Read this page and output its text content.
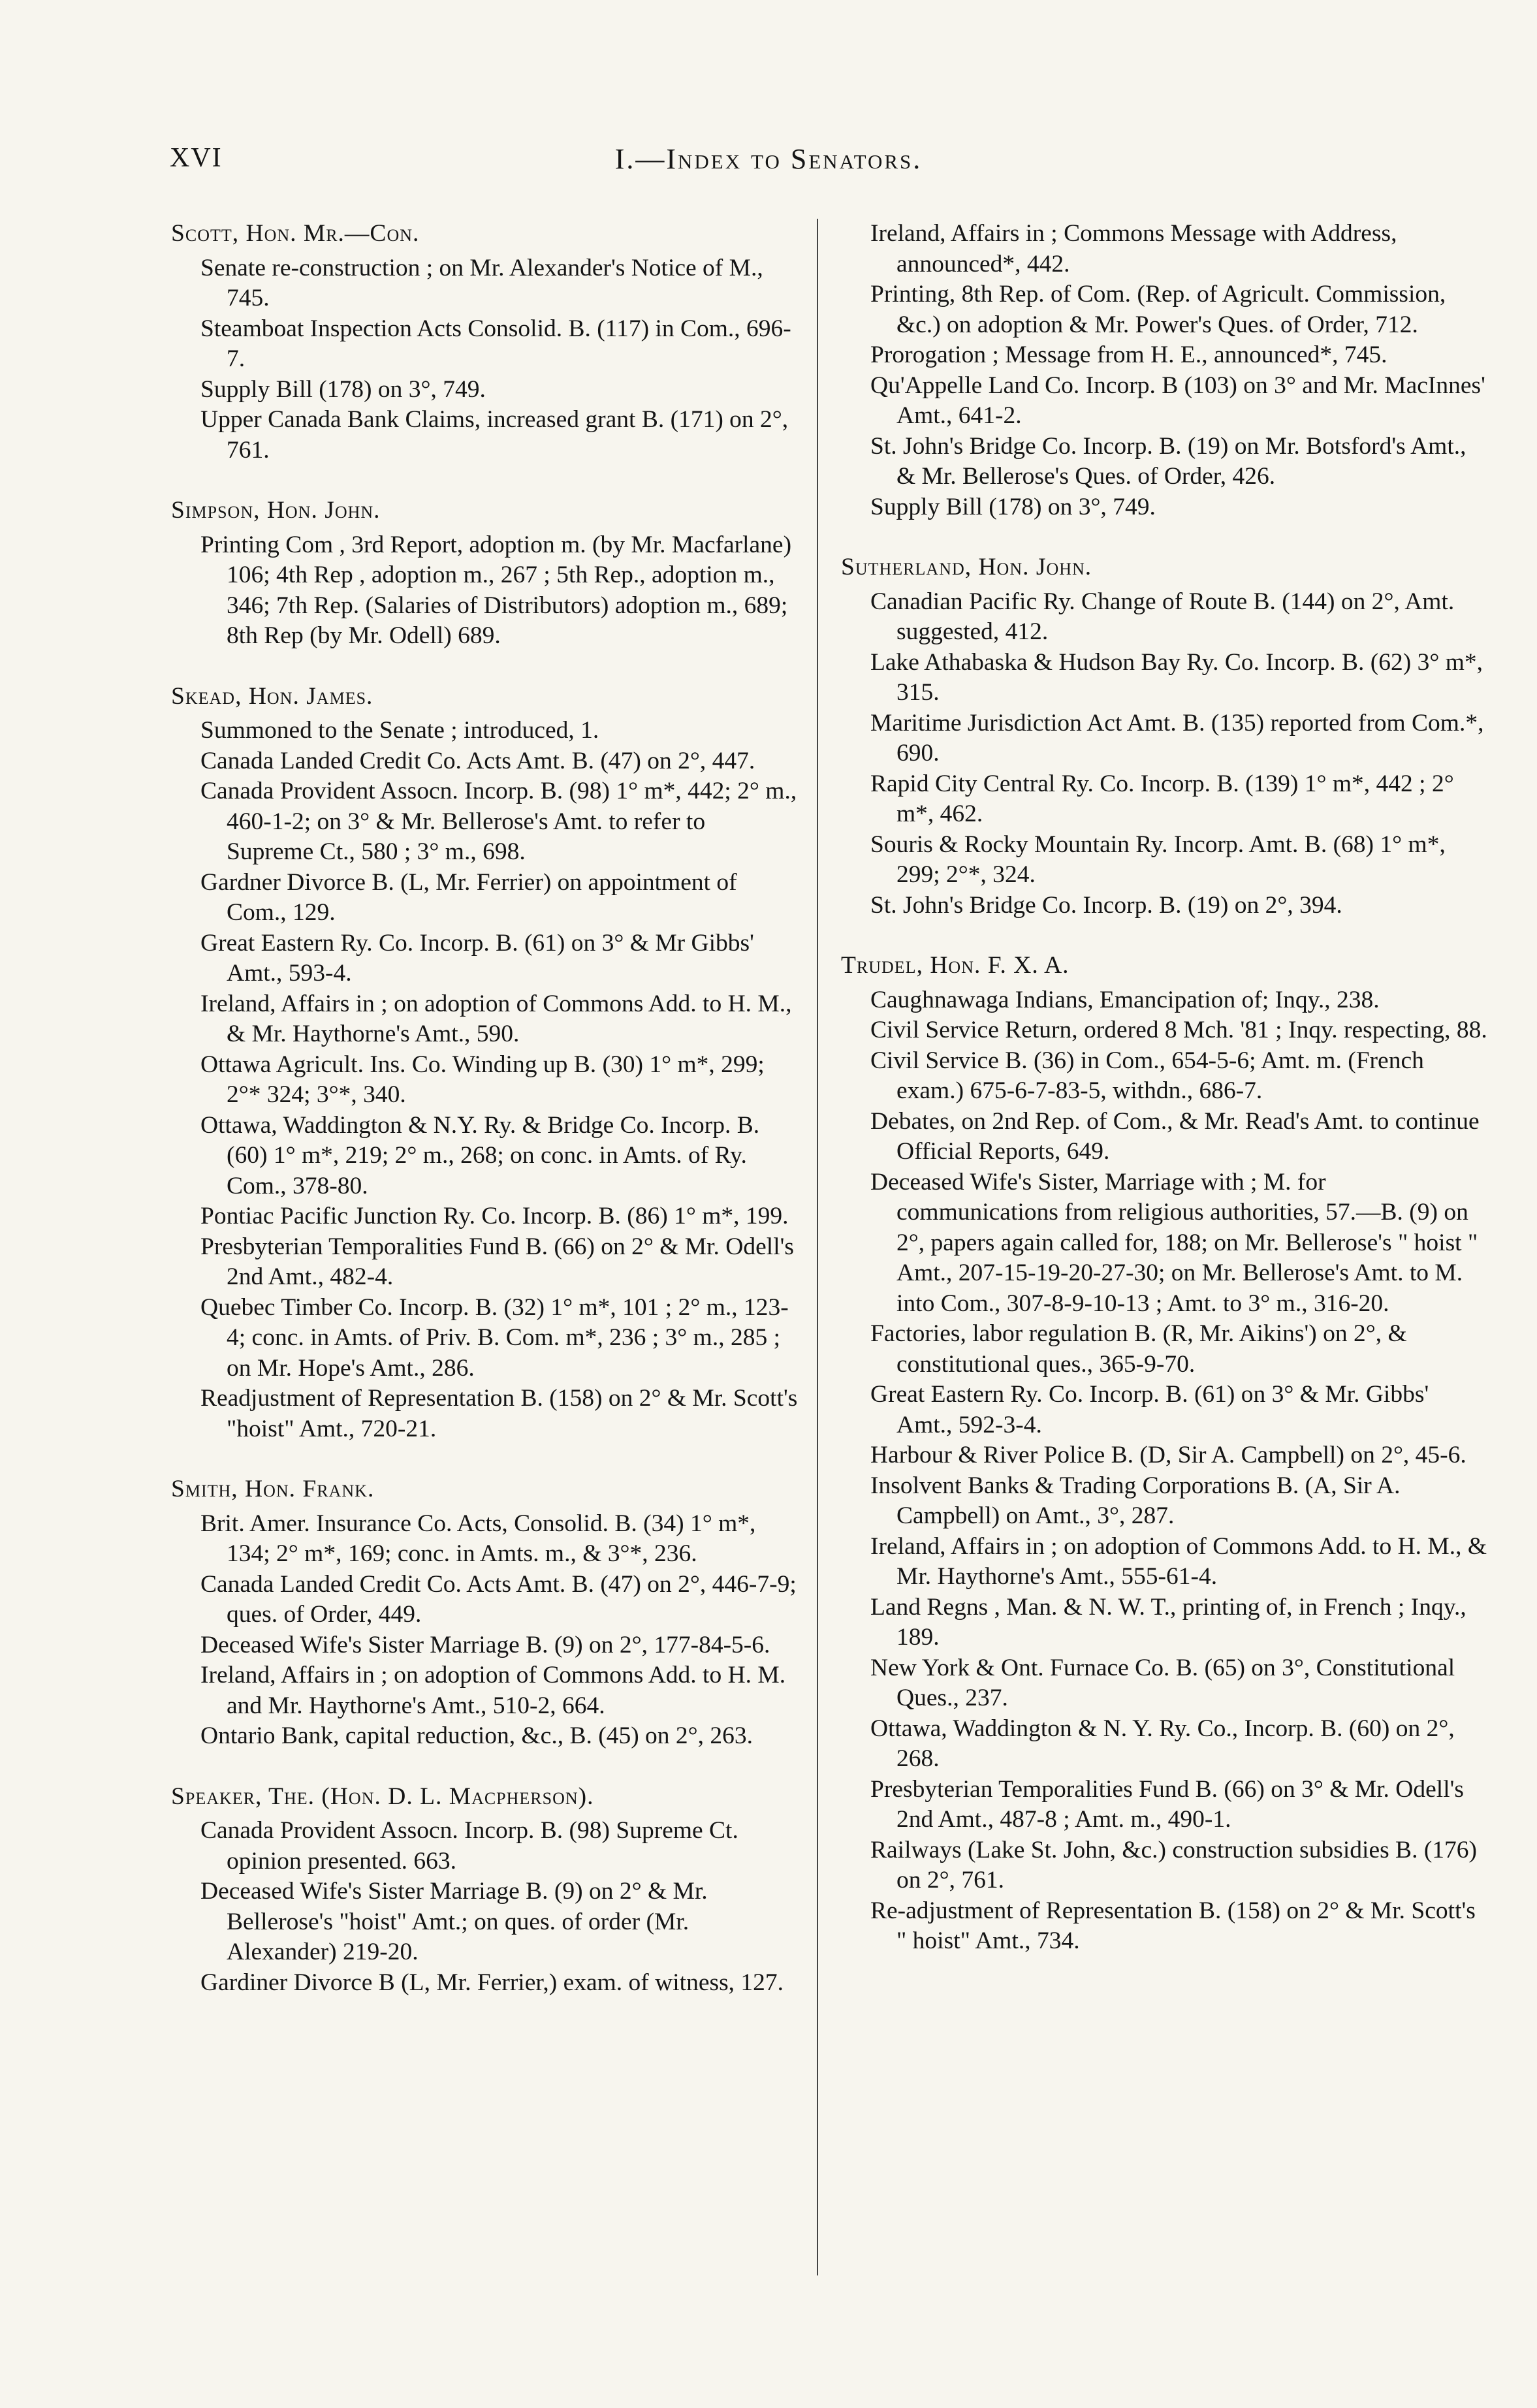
XVI	I.—Index to Senators.
Scott, Hon. Mr.—Con.
Senate re-construction ; on Mr. Alexander's Notice of M., 745.
Steamboat Inspection Acts Consolid. B. (117) in Com., 696-7.
Supply Bill (178) on 3°, 749.
Upper Canada Bank Claims, increased grant B. (171) on 2°, 761.
Simpson, Hon. John.
Printing Com , 3rd Report, adoption m. (by Mr. Macfarlane) 106; 4th Rep , adoption m., 267 ; 5th Rep., adoption m., 346; 7th Rep. (Salaries of Distributors) adoption m., 689; 8th Rep (by Mr. Odell) 689.
Skead, Hon. James.
Summoned to the Senate ; introduced, 1.
Canada Landed Credit Co. Acts Amt. B. (47) on 2°, 447.
Canada Provident Assocn. Incorp. B. (98) 1° m*, 442; 2° m., 460-1-2; on 3° & Mr. Bellerose's Amt. to refer to Supreme Ct., 580 ; 3° m., 698.
Gardner Divorce B. (L, Mr. Ferrier) on appointment of Com., 129.
Great Eastern Ry. Co. Incorp. B. (61) on 3° & Mr Gibbs' Amt., 593-4.
Ireland, Affairs in ; on adoption of Commons Add. to H. M., & Mr. Haythorne's Amt., 590.
Ottawa Agricult. Ins. Co. Winding up B. (30) 1° m*, 299; 2°* 324; 3°*, 340.
Ottawa, Waddington & N.Y. Ry. & Bridge Co. Incorp. B. (60) 1° m*, 219; 2° m., 268; on conc. in Amts. of Ry. Com., 378-80.
Pontiac Pacific Junction Ry. Co. Incorp. B. (86) 1° m*, 199.
Presbyterian Temporalities Fund B. (66) on 2° & Mr. Odell's 2nd Amt., 482-4.
Quebec Timber Co. Incorp. B. (32) 1° m*, 101 ; 2° m., 123-4; conc. in Amts. of Priv. B. Com. m*, 236 ; 3° m., 285 ; on Mr. Hope's Amt., 286.
Readjustment of Representation B. (158) on 2° & Mr. Scott's "hoist" Amt., 720-21.
Smith, Hon. Frank.
Brit. Amer. Insurance Co. Acts, Consolid. B. (34) 1° m*, 134; 2° m*, 169; conc. in Amts. m., & 3°*, 236.
Canada Landed Credit Co. Acts Amt. B. (47) on 2°, 446-7-9; ques. of Order, 449.
Deceased Wife's Sister Marriage B. (9) on 2°, 177-84-5-6.
Ireland, Affairs in ; on adoption of Commons Add. to H. M. and Mr. Haythorne's Amt., 510-2, 664.
Ontario Bank, capital reduction, &c., B. (45) on 2°, 263.
Speaker, The. (Hon. D. L. Macpherson).
Canada Provident Assocn. Incorp. B. (98) Supreme Ct. opinion presented. 663.
Deceased Wife's Sister Marriage B. (9) on 2° & Mr. Bellerose's "hoist" Amt.; on ques. of order (Mr. Alexander) 219-20.
Gardiner Divorce B (L, Mr. Ferrier,) exam. of witness, 127.
Ireland, Affairs in ; Commons Message with Address, announced*, 442.
Printing, 8th Rep. of Com. (Rep. of Agricult. Commission, &c.) on adoption & Mr. Power's Ques. of Order, 712.
Prorogation ; Message from H. E., announced*, 745.
Qu'Appelle Land Co. Incorp. B (103) on 3° and Mr. MacInnes' Amt., 641-2.
St. John's Bridge Co. Incorp. B. (19) on Mr. Botsford's Amt., & Mr. Bellerose's Ques. of Order, 426.
Supply Bill (178) on 3°, 749.
Sutherland, Hon. John.
Canadian Pacific Ry. Change of Route B. (144) on 2°, Amt. suggested, 412.
Lake Athabaska & Hudson Bay Ry. Co. Incorp. B. (62) 3° m*, 315.
Maritime Jurisdiction Act Amt. B. (135) reported from Com.*, 690.
Rapid City Central Ry. Co. Incorp. B. (139) 1° m*, 442 ; 2° m*, 462.
Souris & Rocky Mountain Ry. Incorp. Amt. B. (68) 1° m*, 299; 2°*, 324.
St. John's Bridge Co. Incorp. B. (19) on 2°, 394.
Trudel, Hon. F. X. A.
Caughnawaga Indians, Emancipation of; Inqy., 238.
Civil Service Return, ordered 8 Mch. '81 ; Inqy. respecting, 88.
Civil Service B. (36) in Com., 654-5-6; Amt. m. (French exam.) 675-6-7-83-5, withdn., 686-7.
Debates, on 2nd Rep. of Com., & Mr. Read's Amt. to continue Official Reports, 649.
Deceased Wife's Sister, Marriage with ; M. for communications from religious authorities, 57.—B. (9) on 2°, papers again called for, 188; on Mr. Bellerose's " hoist " Amt., 207-15-19-20-27-30; on Mr. Bellerose's Amt. to M. into Com., 307-8-9-10-13 ; Amt. to 3° m., 316-20.
Factories, labor regulation B. (R, Mr. Aikins') on 2°, & constitutional ques., 365-9-70.
Great Eastern Ry. Co. Incorp. B. (61) on 3° & Mr. Gibbs' Amt., 592-3-4.
Harbour & River Police B. (D, Sir A. Campbell) on 2°, 45-6.
Insolvent Banks & Trading Corporations B. (A, Sir A. Campbell) on Amt., 3°, 287.
Ireland, Affairs in ; on adoption of Commons Add. to H. M., & Mr. Haythorne's Amt., 555-61-4.
Land Regns , Man. & N. W. T., printing of, in French ; Inqy., 189.
New York & Ont. Furnace Co. B. (65) on 3°, Constitutional Ques., 237.
Ottawa, Waddington & N. Y. Ry. Co., Incorp. B. (60) on 2°, 268.
Presbyterian Temporalities Fund B. (66) on 3° & Mr. Odell's 2nd Amt., 487-8 ; Amt. m., 490-1.
Railways (Lake St. John, &c.) construction subsidies B. (176) on 2°, 761.
Re-adjustment of Representation B. (158) on 2° & Mr. Scott's " hoist" Amt., 734.
